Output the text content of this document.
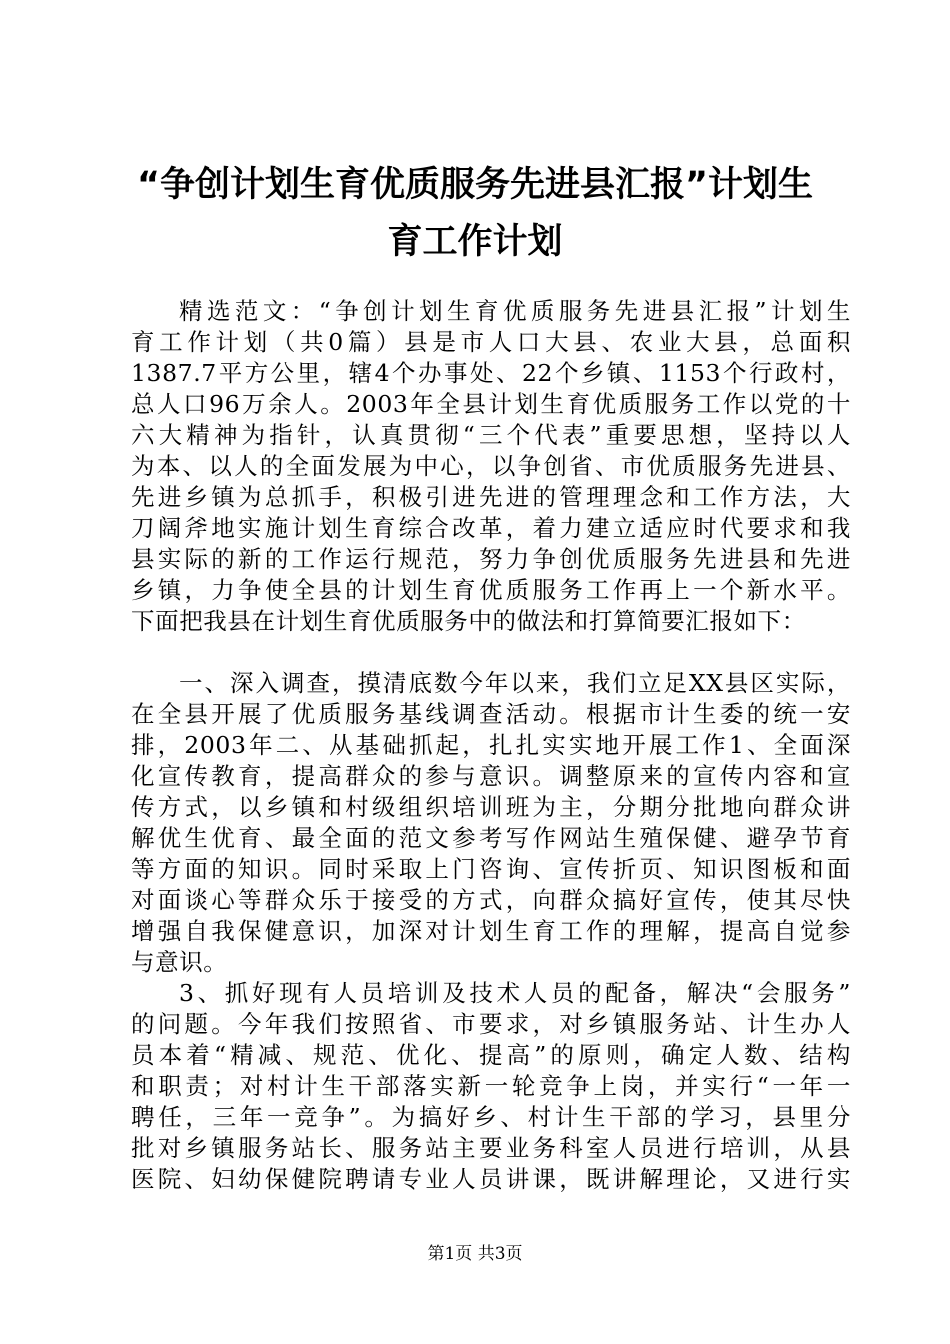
“争创计划生育优质服务先进县汇报”计划生
育工作计划
精选范文：“争创计划生育优质服务先进县汇报”计划生
育工作计划（共0篇）县是市人口大县、农业大县，总面积
1387.7平方公里，辖4个办事处、22个乡镇、1153个行政村，
总人口96万余人。2003年全县计划生育优质服务工作以党的十
六大精神为指针，认真贯彻“三个代表”重要思想，坚持以人
为本、以人的全面发展为中心，以争创省、市优质服务先进县、
先进乡镇为总抓手，积极引进先进的管理理念和工作方法，大
刀阔斧地实施计划生育综合改革，着力建立适应时代要求和我
县实际的新的工作运行规范，努力争创优质服务先进县和先进
乡镇，力争使全县的计划生育优质服务工作再上一个新水平。
下面把我县在计划生育优质服务中的做法和打算简要汇报如下：
一、深入调查，摸清底数今年以来，我们立足XX县区实际，
在全县开展了优质服务基线调查活动。根据市计生委的统一安
排，2003年二、从基础抓起，扎扎实实地开展工作1、全面深
化宣传教育，提高群众的参与意识。调整原来的宣传内容和宣
传方式，以乡镇和村级组织培训班为主，分期分批地向群众讲
解优生优育、最全面的范文参考写作网站生殖保健、避孕节育
等方面的知识。同时采取上门咨询、宣传折页、知识图板和面
对面谈心等群众乐于接受的方式，向群众搞好宣传，使其尽快
增强自我保健意识，加深对计划生育工作的理解，提高自觉参
与意识。
3、抓好现有人员培训及技术人员的配备，解决“会服务”
的问题。今年我们按照省、市要求，对乡镇服务站、计生办人
员本着“精减、规范、优化、提高”的原则，确定人数、结构
和职责；对村计生干部落实新一轮竞争上岗，并实行“一年一
聘任，三年一竞争”。为搞好乡、村计生干部的学习，县里分
批对乡镇服务站长、服务站主要业务科室人员进行培训，从县
医院、妇幼保健院聘请专业人员讲课，既讲解理论，又进行实
第1页 共3页
